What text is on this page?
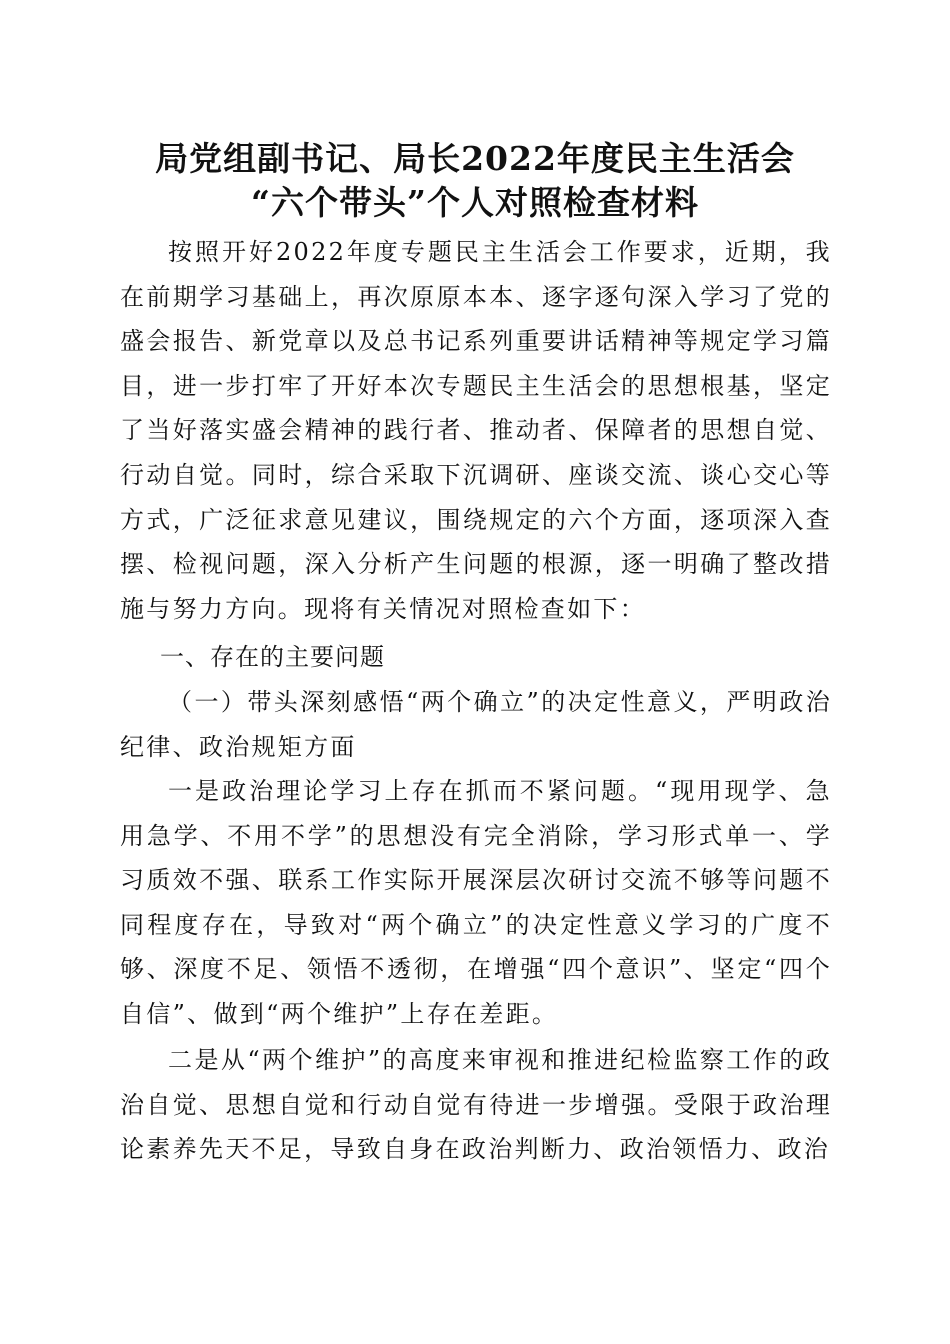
局党组副书记、局长2022年度民主生活会
“六个带头”个人对照检查材料

按照开好2022年度专题民主生活会工作要求，近期，我在前期学习基础上，再次原原本本、逐字逐句深入学习了党的盛会报告、新党章以及总书记系列重要讲话精神等规定学习篇目，进一步打牢了开好本次专题民主生活会的思想根基，坚定了当好落实盛会精神的践行者、推动者、保障者的思想自觉、行动自觉。同时，综合采取下沉调研、座谈交流、谈心交心等方式，广泛征求意见建议，围绕规定的六个方面，逐项深入查摆、检视问题，深入分析产生问题的根源，逐一明确了整改措施与努力方向。现将有关情况对照检查如下：

一、存在的主要问题

（一）带头深刻感悟“两个确立”的决定性意义，严明政治纪律、政治规矩方面

一是政治理论学习上存在抓而不紧问题。“现用现学、急用急学、不用不学”的思想没有完全消除，学习形式单一、学习质效不强、联系工作实际开展深层次研讨交流不够等问题不同程度存在，导致对“两个确立”的决定性意义学习的广度不够、深度不足、领悟不透彻，在增强“四个意识”、坚定“四个自信”、做到“两个维护”上存在差距。

二是从“两个维护”的高度来审视和推进纪检监察工作的政治自觉、思想自觉和行动自觉有待进一步增强。受限于政治理论素养先天不足，导致自身在政治判断力、政治领悟力、政治
